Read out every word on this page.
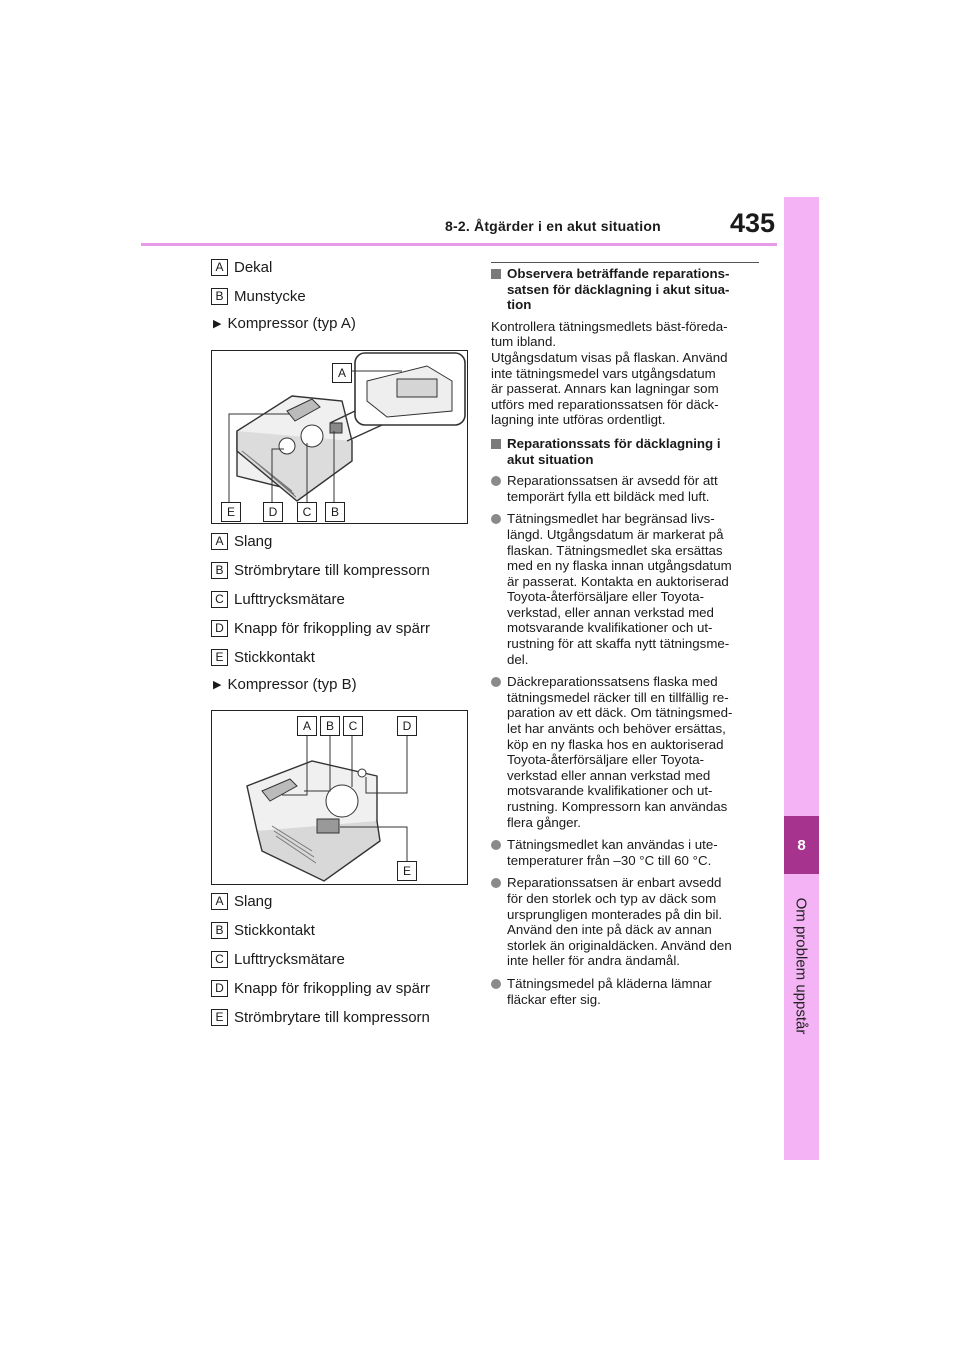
8-2. Åtgärder i en akut situation	435
8
Om problem uppstår
A Dekal
B Munstycke
▶ Kompressor (typ A)
A
E	D	C	B
A Slang
B Strömbrytare till kompressorn
C Lufttrycksmätare
D Knapp för frikoppling av spärr
E Stickkontakt
▶ Kompressor (typ B)
A	B	C	D
E
A Slang
B Stickkontakt
C Lufttrycksmätare
D Knapp för frikoppling av spärr
E Strömbrytare till kompressorn
Observera beträffande reparations-
satsen för däcklagning i akut situa-
tion

Kontrollera tätningsmedlets bäst-föreda-
tum ibland.
Utgångsdatum visas på flaskan. Använd
inte tätningsmedel vars utgångsdatum
är passerat. Annars kan lagningar som
utförs med reparationssatsen för däck-
lagning inte utföras ordentligt.

Reparationssats för däcklagning i
akut situation
Reparationssatsen är avsedd för att
temporärt fylla ett bildäck med luft.
Tätningsmedlet har begränsad livs-
längd. Utgångsdatum är markerat på
flaskan. Tätningsmedlet ska ersättas
med en ny flaska innan utgångsdatum
är passerat. Kontakta en auktoriserad
Toyota-återförsäljare eller Toyota-
verkstad, eller annan verkstad med
motsvarande kvalifikationer och ut-
rustning för att skaffa nytt tätningsme-
del.
Däckreparationssatsens flaska med
tätningsmedel räcker till en tillfällig re-
paration av ett däck. Om tätningsmed-
let har använts och behöver ersättas,
köp en ny flaska hos en auktoriserad
Toyota-återförsäljare eller Toyota-
verkstad eller annan verkstad med
motsvarande kvalifikationer och ut-
rustning. Kompressorn kan användas
flera gånger.
Tätningsmedlet kan användas i ute-
temperaturer från –30 °C till 60 °C.
Reparationssatsen är enbart avsedd
för den storlek och typ av däck som
ursprungligen monterades på din bil.
Använd den inte på däck av annan
storlek än originaldäcken. Använd den
inte heller för andra ändamål.
Tätningsmedel på kläderna lämnar
fläckar efter sig.
